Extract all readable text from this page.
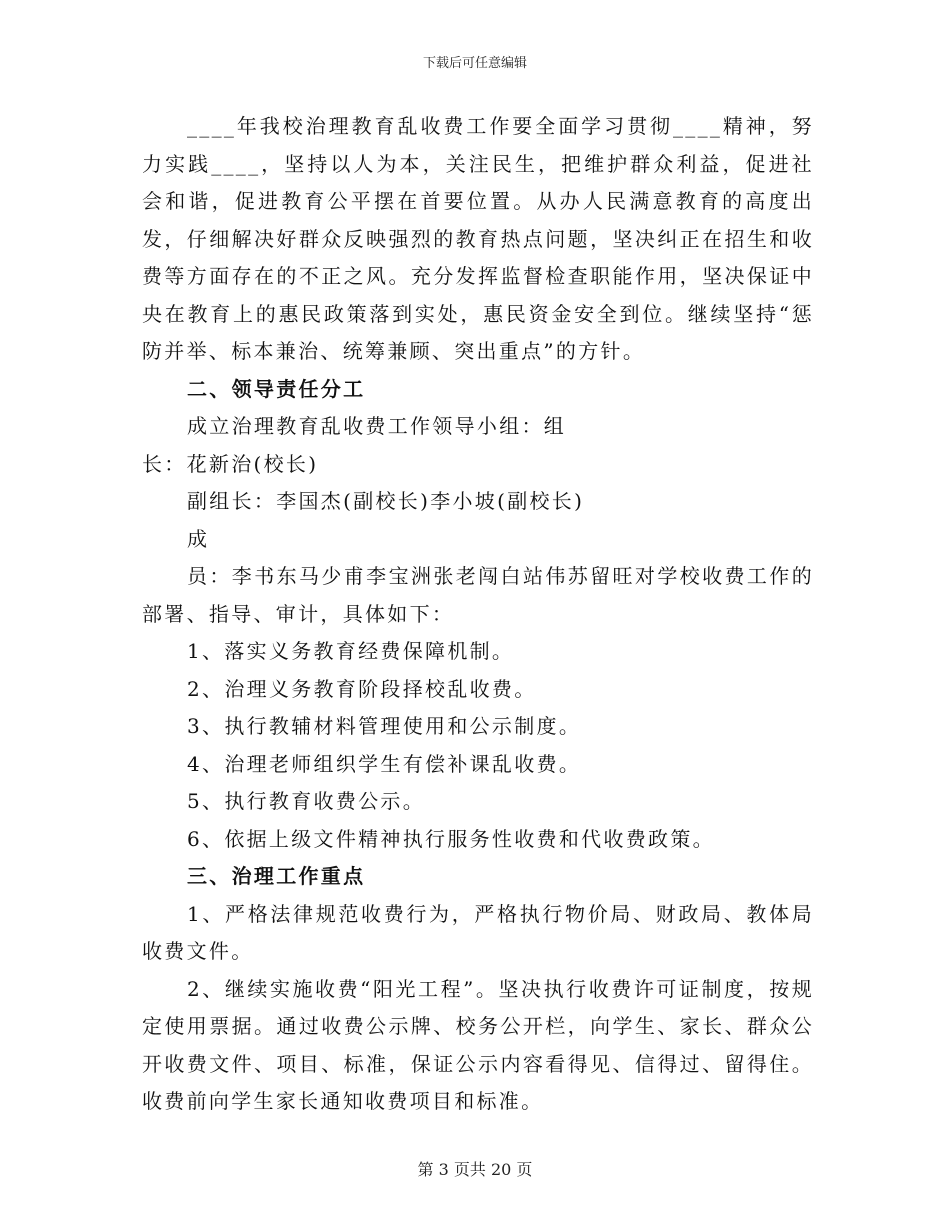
下载后可任意编辑

____年我校治理教育乱收费工作要全面学习贯彻____精神，努力实践____，坚持以人为本，关注民生，把维护群众利益，促进社会和谐，促进教育公平摆在首要位置。从办人民满意教育的高度出发，仔细解决好群众反映强烈的教育热点问题，坚决纠正在招生和收费等方面存在的不正之风。充分发挥监督检查职能作用，坚决保证中央在教育上的惠民政策落到实处，惠民资金安全到位。继续坚持“惩防并举、标本兼治、统筹兼顾、突出重点”的方针。

二、领导责任分工

成立治理教育乱收费工作领导小组：组

长：花新治(校长)

副组长：李国杰(副校长)李小坡(副校长)

成

员：李书东马少甫李宝洲张老闯白站伟苏留旺对学校收费工作的部署、指导、审计，具体如下：

1、落实义务教育经费保障机制。

2、治理义务教育阶段择校乱收费。

3、执行教辅材料管理使用和公示制度。

4、治理老师组织学生有偿补课乱收费。

5、执行教育收费公示。

6、依据上级文件精神执行服务性收费和代收费政策。

三、治理工作重点

1、严格法律规范收费行为，严格执行物价局、财政局、教体局收费文件。

2、继续实施收费“阳光工程”。坚决执行收费许可证制度，按规定使用票据。通过收费公示牌、校务公开栏，向学生、家长、群众公开收费文件、项目、标准，保证公示内容看得见、信得过、留得住。收费前向学生家长通知收费项目和标准。

第 3 页共 20 页
